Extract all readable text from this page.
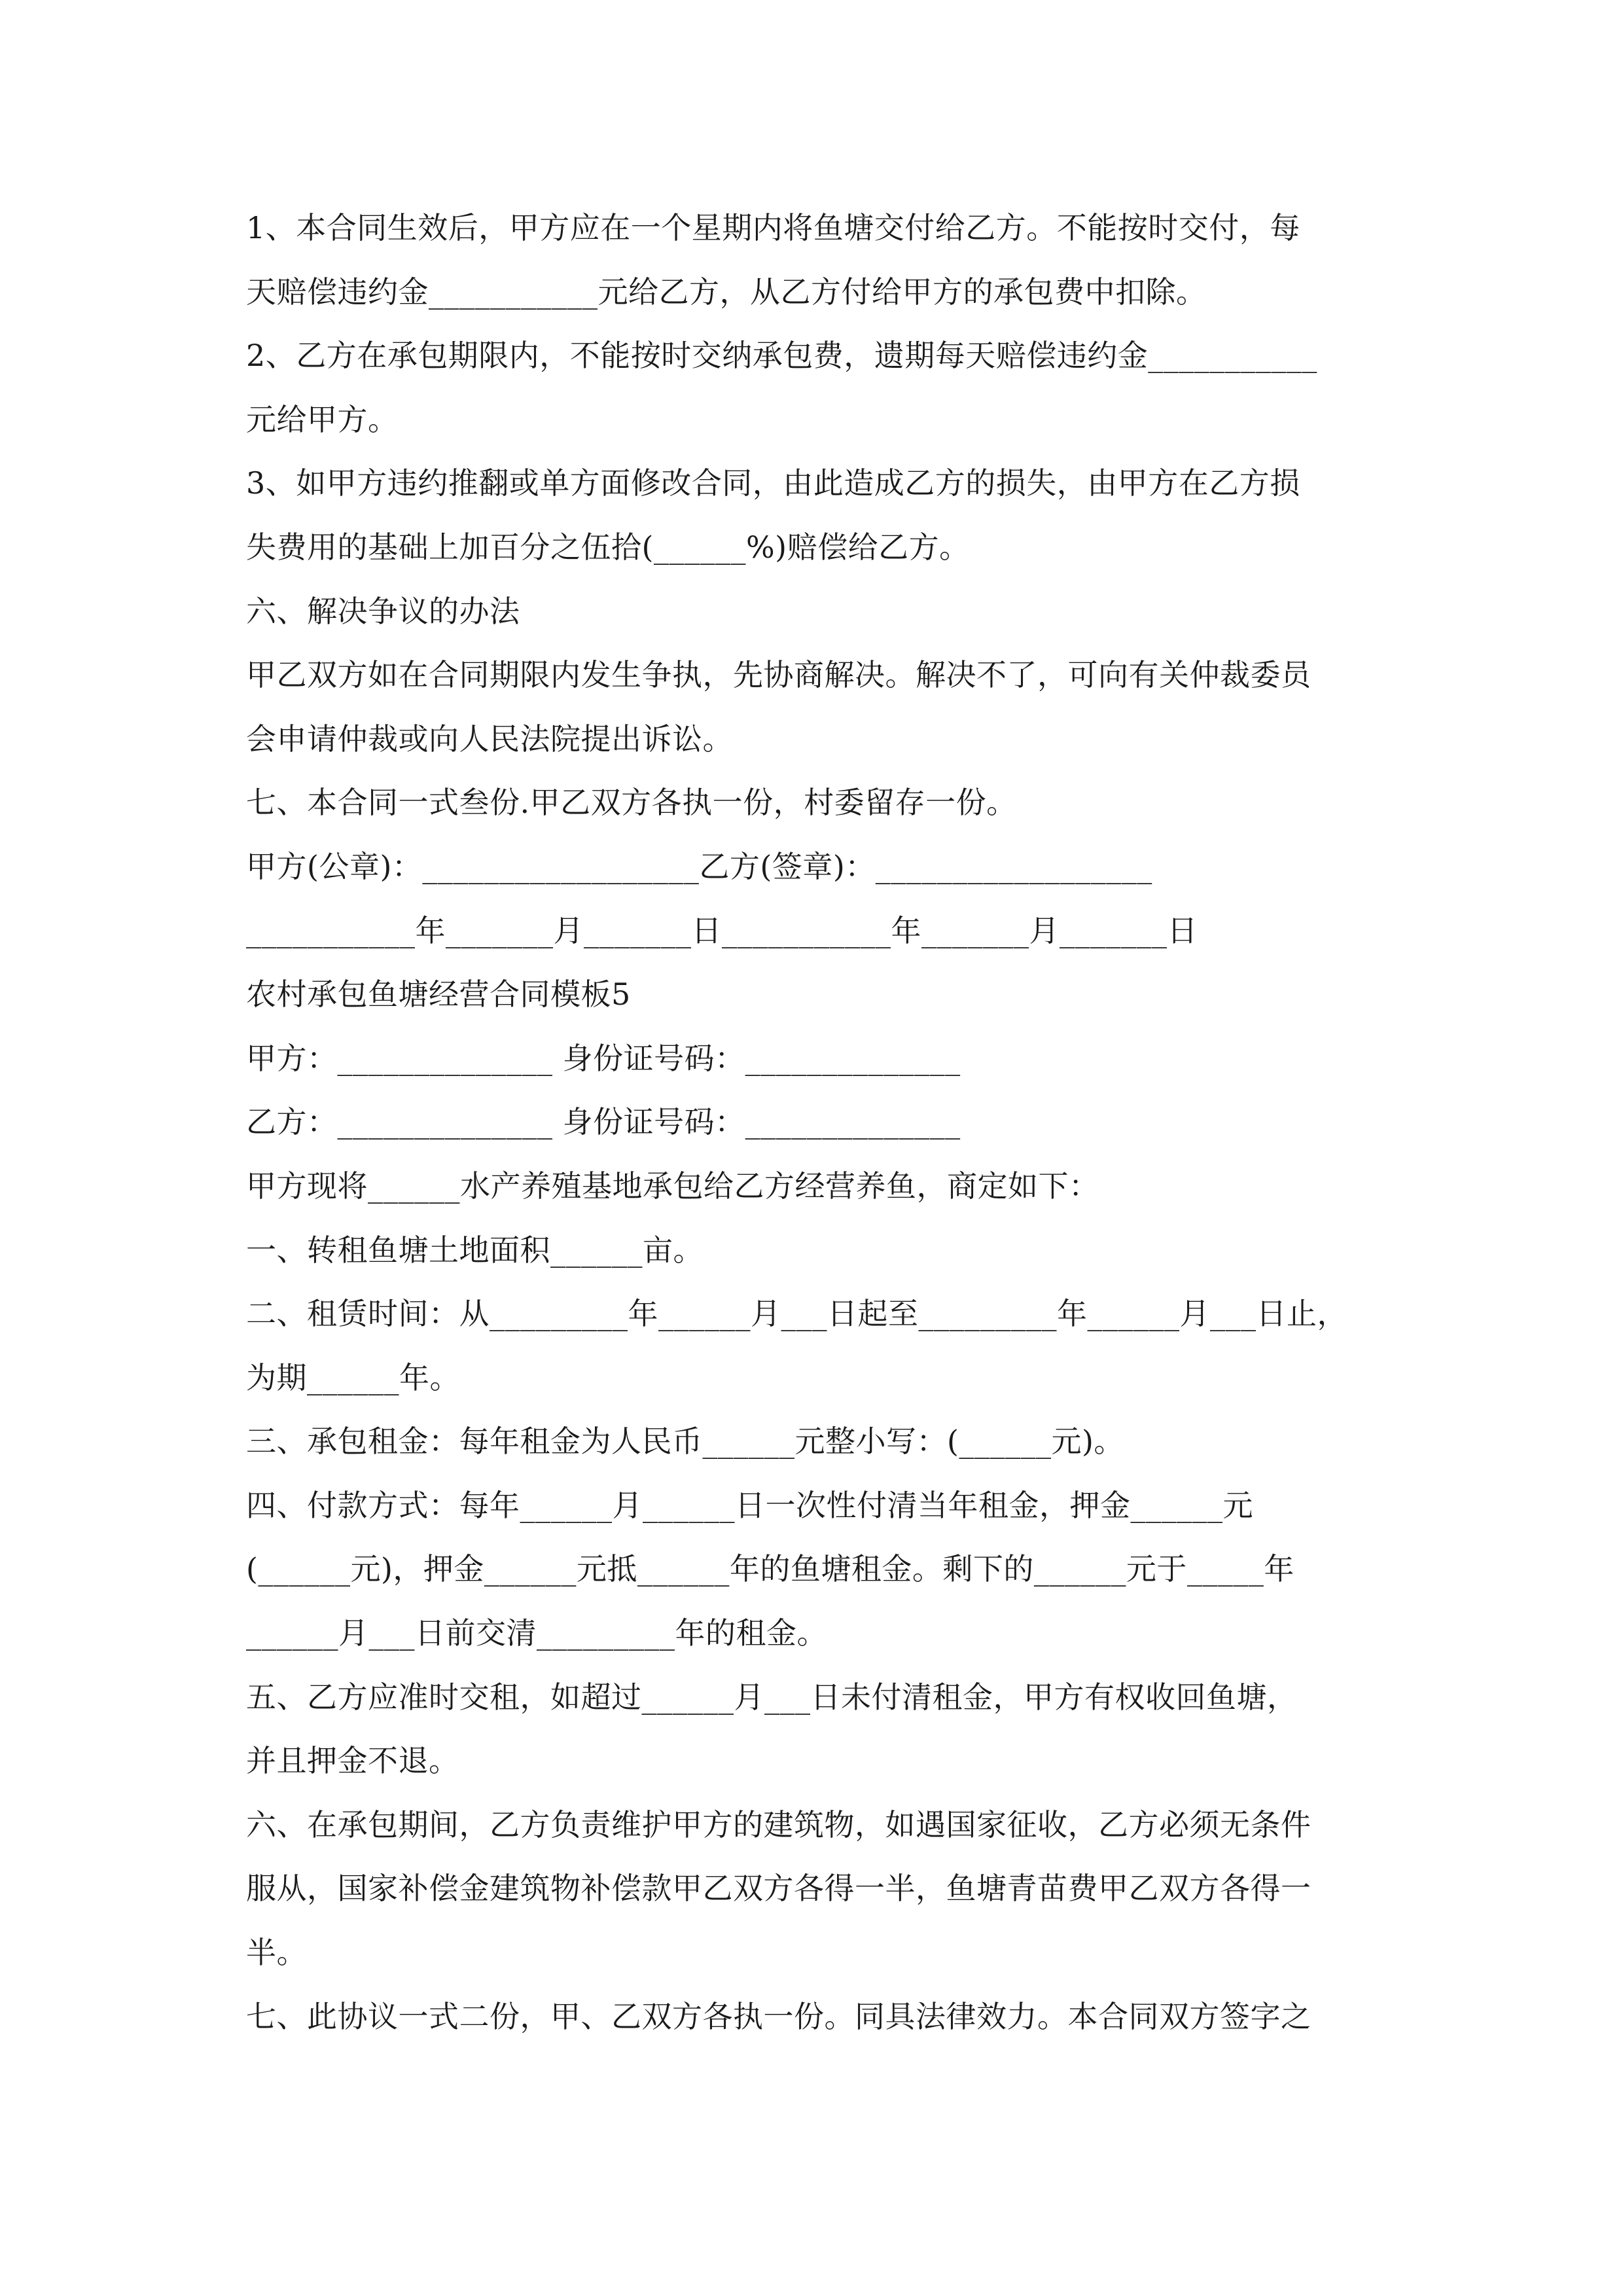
1、本合同生效后，甲方应在一个星期内将鱼塘交付给乙方。不能按时交付，每
天赔偿违约金___________元给乙方，从乙方付给甲方的承包费中扣除。
2、乙方在承包期限内，不能按时交纳承包费，遗期每天赔偿违约金___________
元给甲方。
3、如甲方违约推翻或单方面修改合同，由此造成乙方的损失，由甲方在乙方损
失费用的基础上加百分之伍拾(______%)赔偿给乙方。
六、解决争议的办法
甲乙双方如在合同期限内发生争执，先协商解决。解决不了，可向有关仲裁委员
会申请仲裁或向人民法院提出诉讼。
七、本合同一式叁份.甲乙双方各执一份，村委留存一份。
甲方(公章)：__________________乙方(签章)：__________________
___________年_______月_______日___________年_______月_______日
农村承包鱼塘经营合同模板5
甲方：______________ 身份证号码：______________
乙方：______________ 身份证号码：______________
甲方现将______水产养殖基地承包给乙方经营养鱼，商定如下：
一、转租鱼塘土地面积______亩。
二、租赁时间：从_________年______月___日起至_________年______月___日止，
为期______年。
三、承包租金：每年租金为人民币______元整小写：(______元)。
四、付款方式：每年______月______日一次性付清当年租金，押金______元
(______元)，押金______元抵______年的鱼塘租金。剩下的______元于_____年
______月___日前交清_________年的租金。
五、乙方应准时交租，如超过______月___日未付清租金，甲方有权收回鱼塘，
并且押金不退。
六、在承包期间，乙方负责维护甲方的建筑物，如遇国家征收，乙方必须无条件
服从，国家补偿金建筑物补偿款甲乙双方各得一半，鱼塘青苗费甲乙双方各得一
半。
七、此协议一式二份，甲、乙双方各执一份。同具法律效力。本合同双方签字之
